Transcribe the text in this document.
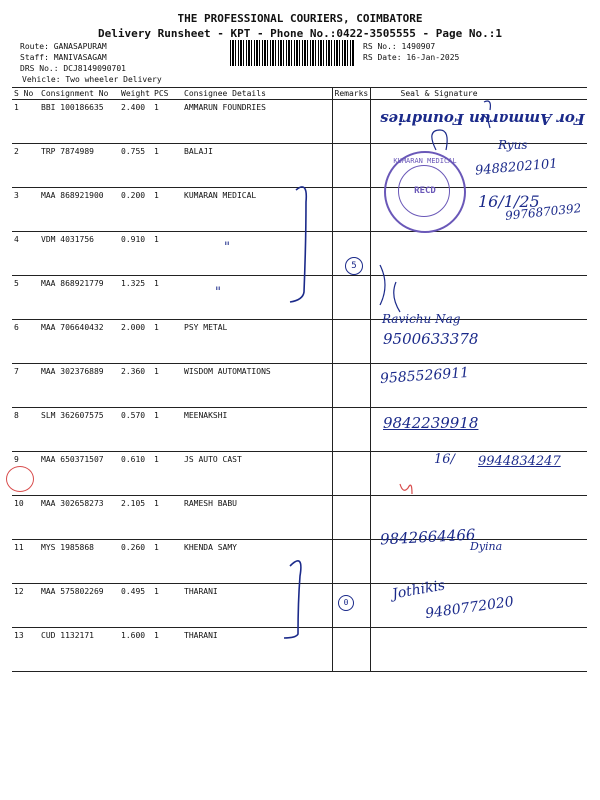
THE PROFESSIONAL COURIERS, COIMBATORE
Delivery Runsheet - KPT - Phone No.:0422-3505555 - Page No.:1
Route: GANASAPURAM
Staff: MANIVASAGAM
DRS No.: DCJ8149090701
Vehicle: Two wheeler Delivery
RS No.: 1490907
RS Date: 16-Jan-2025
S No	Consignment No	Weight	PCS	Consignee Details	Remarks	Seal & Signature
1	BBI 100186635	2.400	1	AMMARUN FOUNDRIES		
2	TRP 7874989	0.755	1	BALAJI		
3	MAA 868921900	0.200	1	KUMARAN MEDICAL		
4	VDM 4031756	0.910	1			
5	MAA 868921779	1.325	1			
6	MAA 706640432	2.000	1	PSY METAL		
7	MAA 302376889	2.360	1	WISDOM AUTOMATIONS		
8	SLM 362607575	0.570	1	MEENAKSHI		
9	MAA 650371507	0.610	1	JS AUTO CAST		
10	MAA 302658273	2.105	1	RAMESH BABU		
11	MYS 1985868	0.260	1	KHENDA SAMY		
12	MAA 575802269	0.495	1	THARANI		
13	CUD 1132171	1.600	1	THARANI		
For Ammarun Foundries
Ryus
9488202101
KUMARAN MEDICAL
RECD
16/1/25
9976870392
"
"
5
Ravichu Nag
9500633378
9585526911
9842239918
16/ 9944834247
9842664466
Dyina
Jothikis
9480772020
0
